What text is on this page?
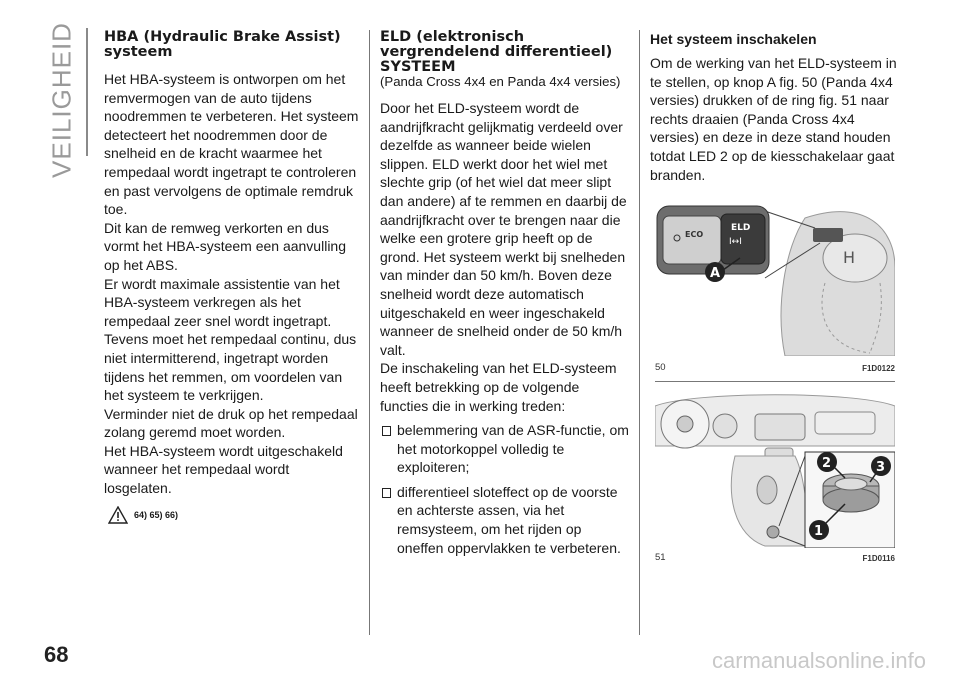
VEILIGHEID HBA (Hydraulic Brake Assist) systeem

Het HBA-systeem is ontworpen om het remvermogen van de auto tijdens noodremmen te verbeteren. Het systeem detecteert het noodremmen door de snelheid en de kracht waarmee het rempedaal wordt ingetrapt te controleren en past vervolgens de optimale remdruk toe.

Dit kan de remweg verkorten en dus vormt het HBA-systeem een aanvulling op het ABS.

Er wordt maximale assistentie van het HBA-systeem verkregen als het rempedaal zeer snel wordt ingetrapt.

Tevens moet het rempedaal continu, dus niet intermitterend, ingetrapt worden tijdens het remmen, om voordelen van het systeem te verkrijgen.

Verminder niet de druk op het rempedaal zolang geremd moet worden.

Het HBA-systeem wordt uitgeschakeld wanneer het rempedaal wordt losgelaten.

64) 65) 66)
ELD (elektronisch vergrendelend differentieel) SYSTEEM

(Panda Cross 4x4 en Panda 4x4 versies)

Door het ELD-systeem wordt de aandrijfkracht gelijkmatig verdeeld over dezelfde as wanneer beide wielen slippen. ELD werkt door het wiel met slechte grip (of het wiel dat meer slipt dan andere) af te remmen en daarbij de aandrijfkracht over te brengen naar die welke een grotere grip heeft op de grond. Het systeem werkt bij snelheden van minder dan 50 km/h. Boven deze snelheid wordt deze automatisch uitgeschakeld en weer ingeschakeld wanneer de snelheid onder de 50 km/h valt.

De inschakeling van het ELD-systeem heeft betrekking op de volgende functies die in werking treden:

belemmering van de ASR-functie, om het motorkoppel volledig te exploiteren;

differentieel sloteffect op de voorste en achterste assen, via het remsysteem, om het rijden op oneffen oppervlakken te verbeteren.

Het systeem inschakelen

Om de werking van het ELD-systeem in te stellen, op knop A fig. 50 (Panda 4x4 versies) drukken of de ring fig. 51 naar rechts draaien (Panda Cross 4x4 versies) en deze in deze stand houden totdat LED 2 op de kiesschakelaar gaat branden.

H
ECO
ELD
I↔I
A
50	F1D0122
1
2	3
51	F1D0116
68	carmanualsonline.info
